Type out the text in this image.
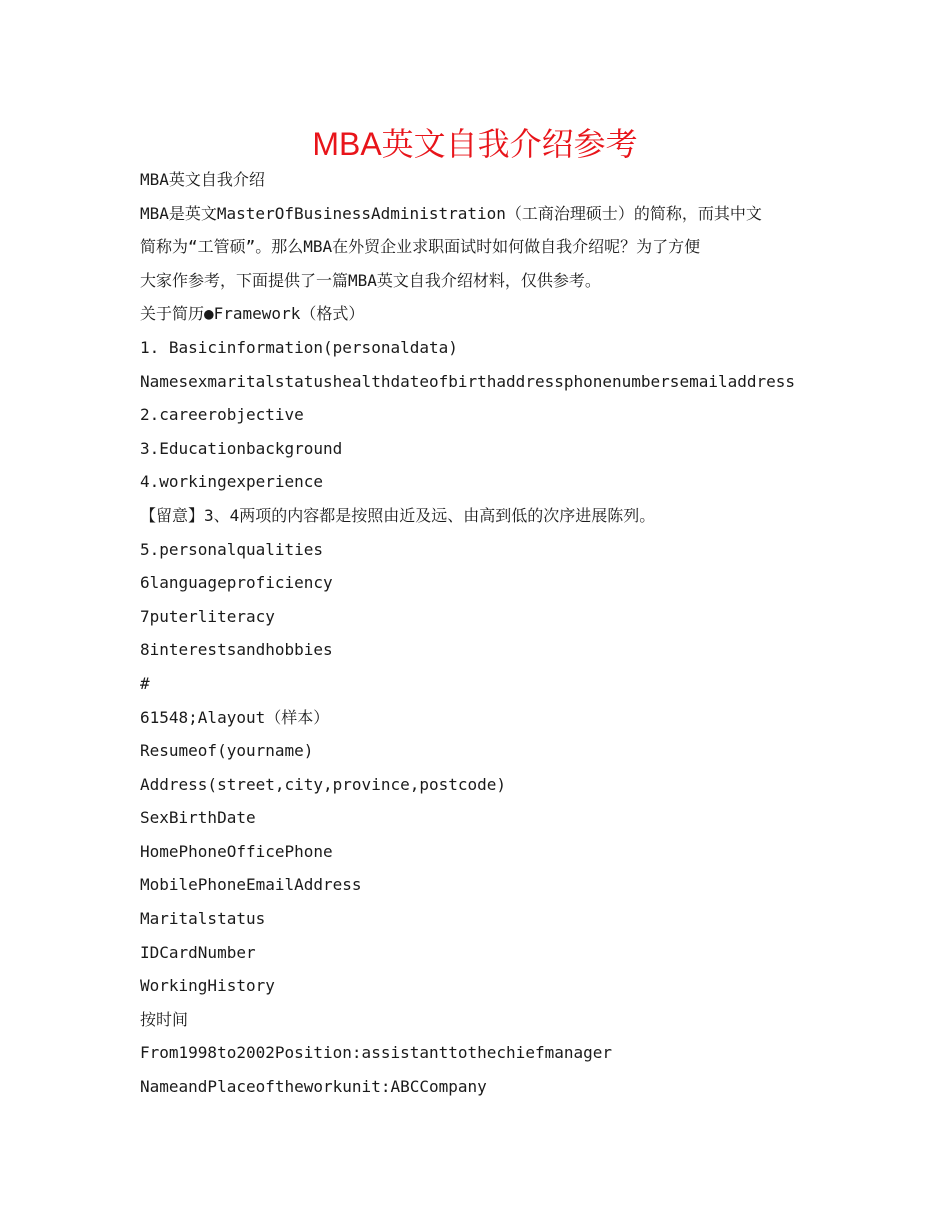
MBA英文自我介绍参考
MBA英文自我介绍
MBA是英文MasterOfBusinessAdministration（工商治理硕士）的简称，而其中文
简称为“工管硕”。那么MBA在外贸企业求职面试时如何做自我介绍呢？为了方便
大家作参考，下面提供了一篇MBA英文自我介绍材料，仅供参考。
关于简历●Framework（格式）
1. Basicinformation(personaldata)
Namesexmaritalstatushealthdateofbirthaddressphonenumbersemailaddress
2.careerobjective
3.Educationbackground
4.workingexperience
【留意】3、4两项的内容都是按照由近及远、由高到低的次序进展陈列。
5.personalqualities
6languageproficiency
7puterliteracy
8interestsandhobbies
#
61548;Alayout（样本）
Resumeof(yourname)
Address(street,city,province,postcode)
SexBirthDate
HomePhoneOfficePhone
MobilePhoneEmailAddress
Maritalstatus
IDCardNumber
WorkingHistory
按时间
From1998to2002Position:assistanttothechiefmanager
NameandPlaceoftheworkunit:ABCCompany
